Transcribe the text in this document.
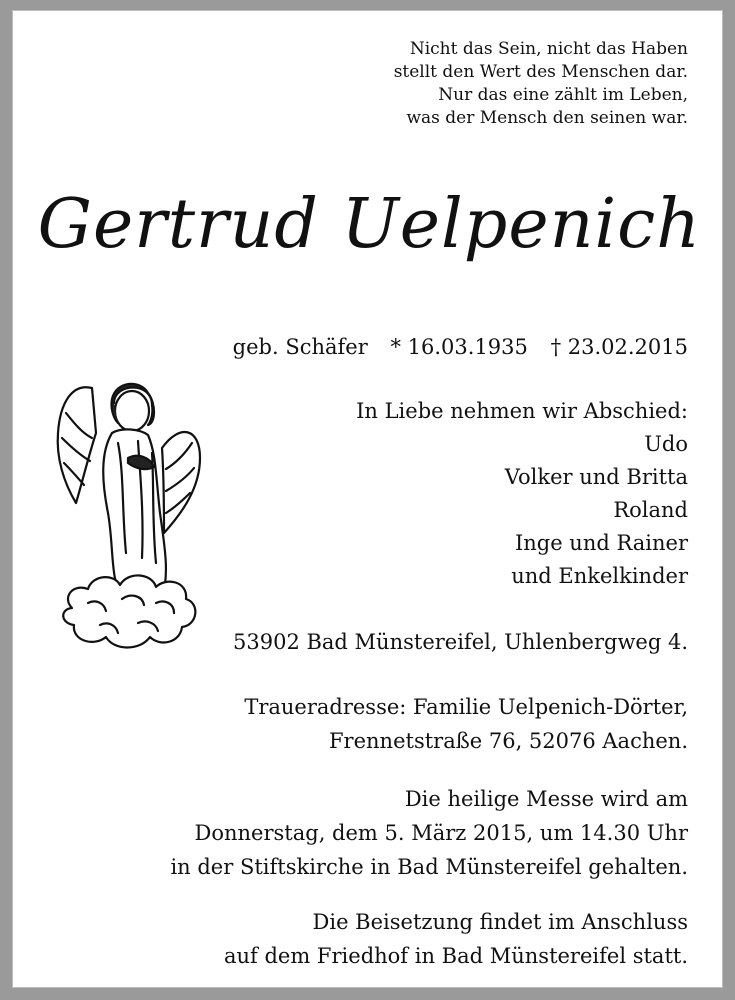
Nicht das Sein, nicht das Haben
stellt den Wert des Menschen dar.
Nur das eine zählt im Leben,
was der Mensch den seinen war.
Gertrud Uelpenich
geb. Schäfer * 16.03.1935 † 23.02.2015
In Liebe nehmen wir Abschied:
Udo
Volker und Britta
Roland
Inge und Rainer
und Enkelkinder
53902 Bad Münstereifel, Uhlenbergweg 4.
Traueradresse: Familie Uelpenich-Dörter,
Frennetstraße 76, 52076 Aachen.
Die heilige Messe wird am
Donnerstag, dem 5. März 2015, um 14.30 Uhr
in der Stiftskirche in Bad Münstereifel gehalten.
Die Beisetzung findet im Anschluss
auf dem Friedhof in Bad Münstereifel statt.
